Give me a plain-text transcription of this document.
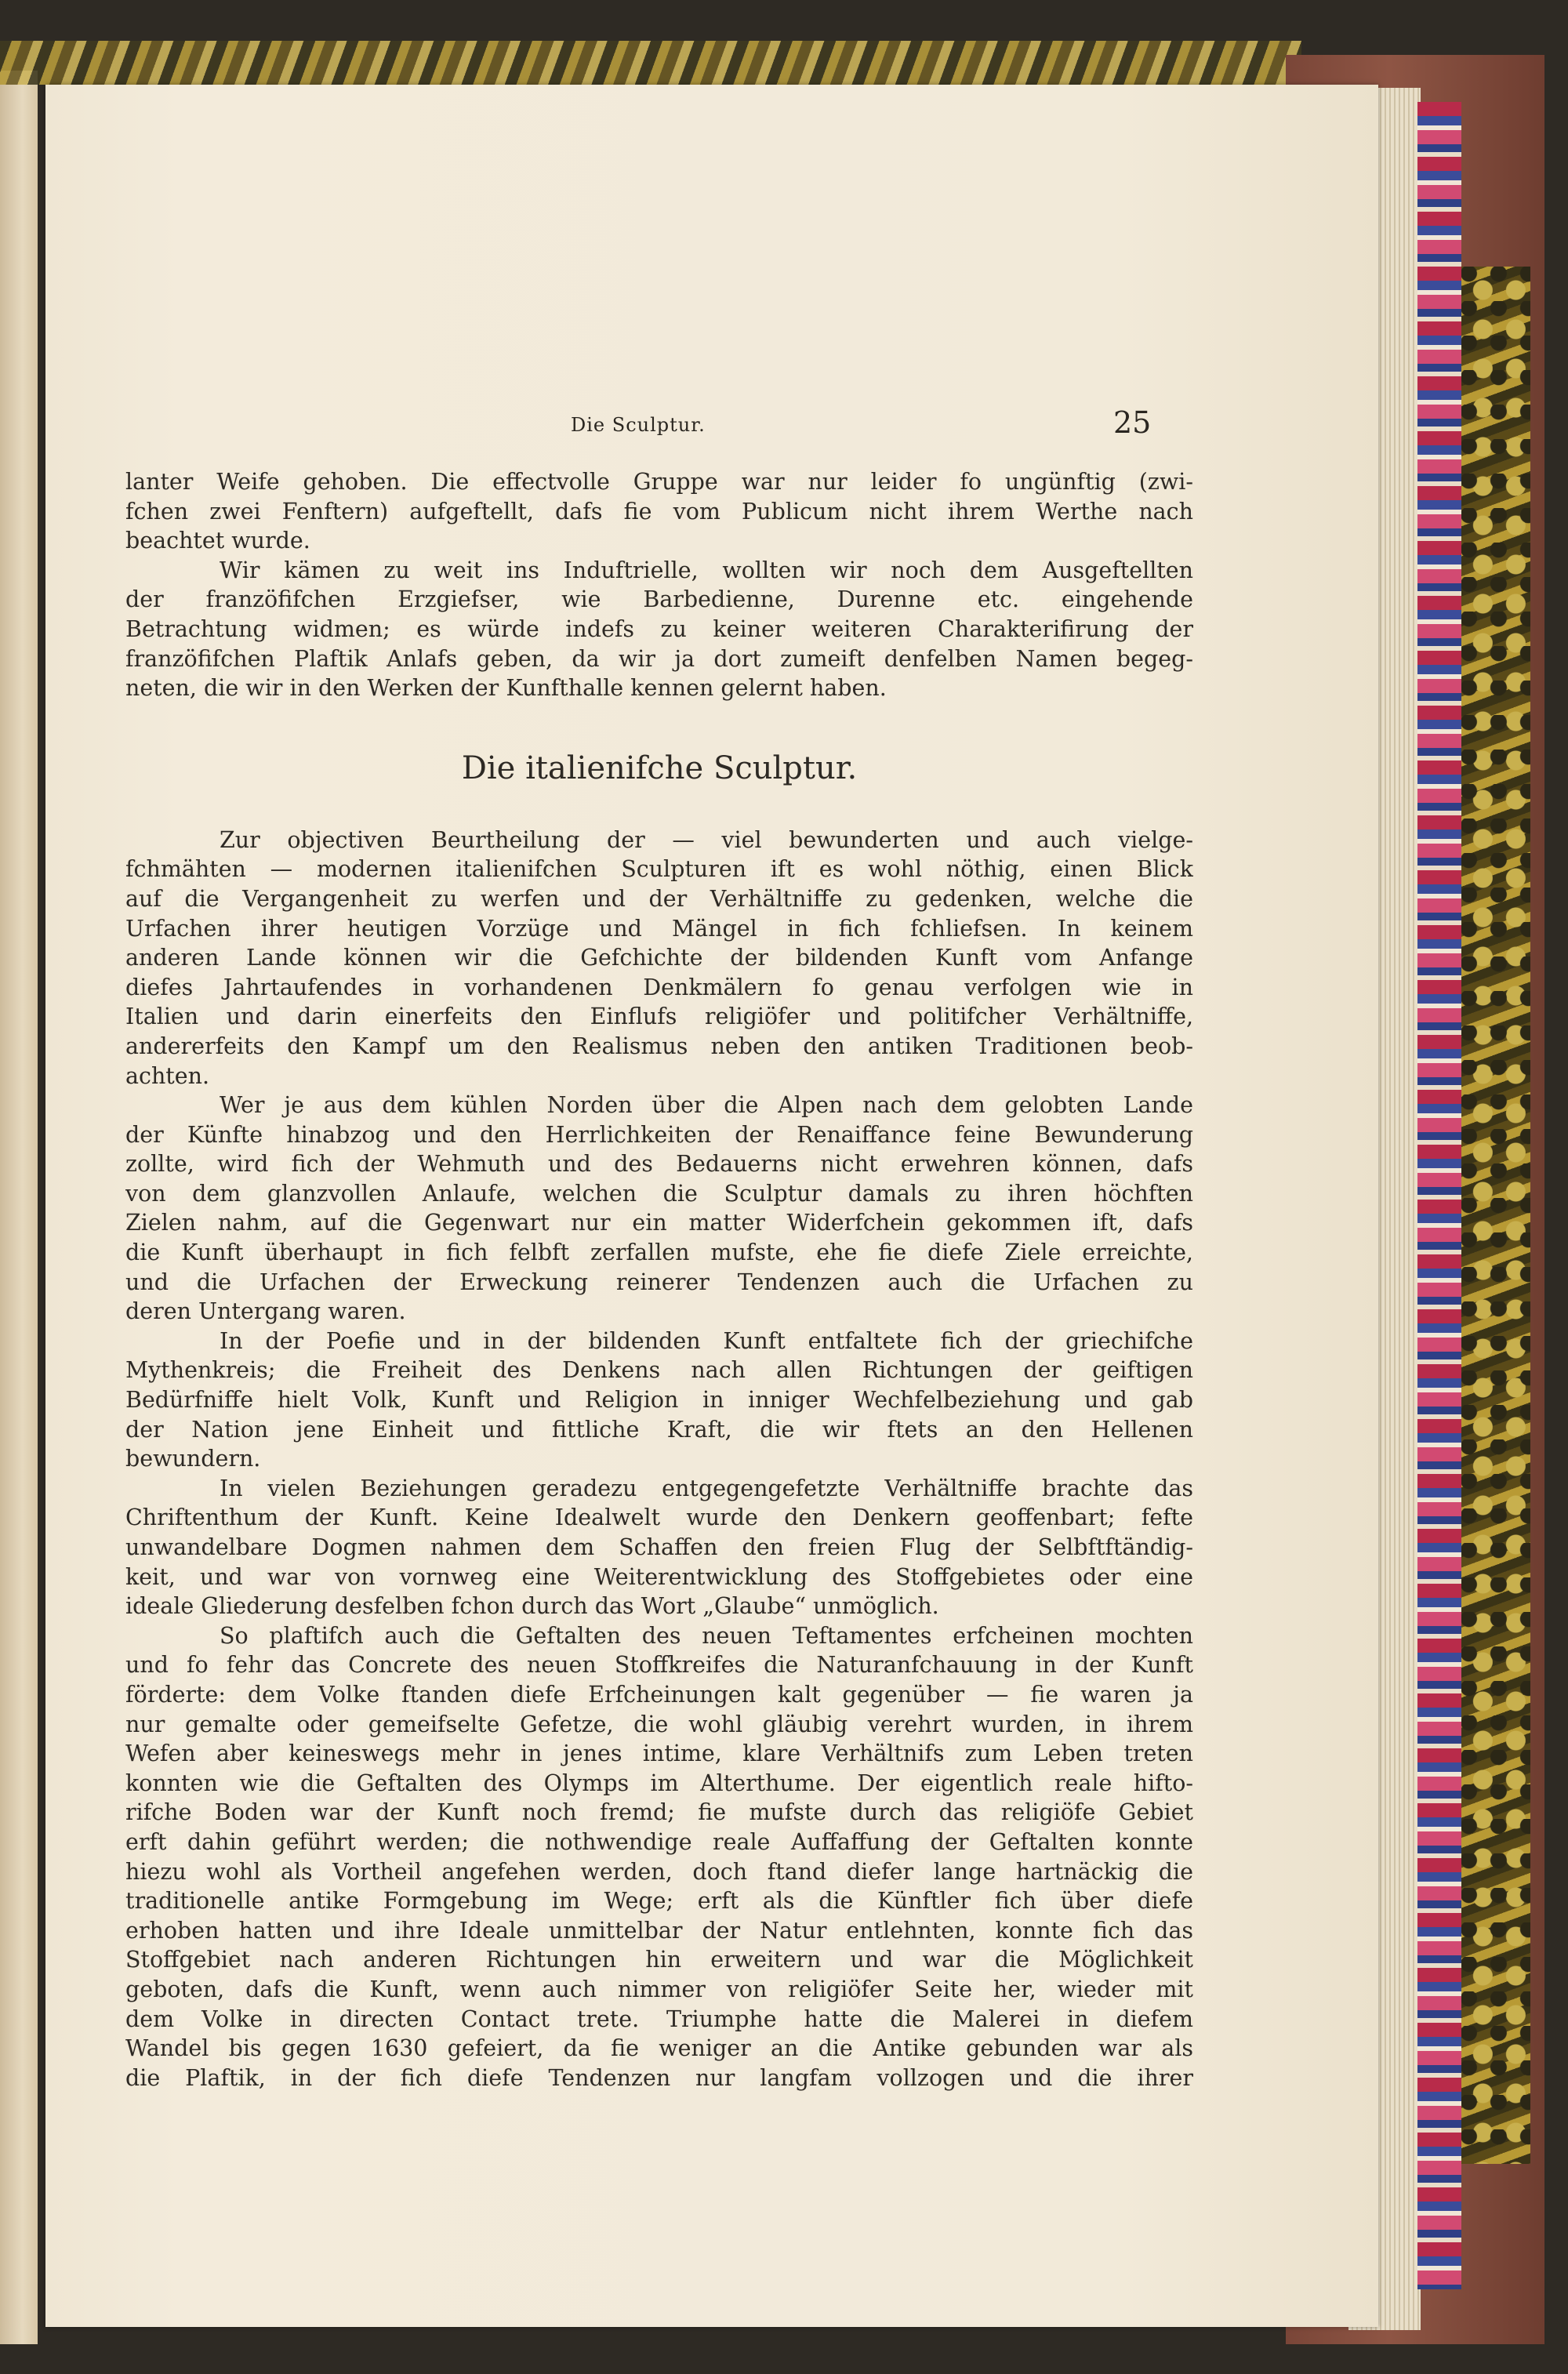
Die Sculptur.	25
lanter Weife gehoben. Die effectvolle Gruppe war nur leider fo ungünftig (zwi-
fchen zwei Fenftern) aufgeftellt, dafs fie vom Publicum nicht ihrem Werthe nach
beachtet wurde.
Wir kämen zu weit ins Induftrielle, wollten wir noch dem Ausgeftellten
der franzöfifchen Erzgiefser, wie Barbedienne, Durenne etc. eingehende
Betrachtung widmen; es würde indefs zu keiner weiteren Charakterifirung der
franzöfifchen Plaftik Anlafs geben, da wir ja dort zumeift denfelben Namen begeg-
neten, die wir in den Werken der Kunfthalle kennen gelernt haben.
Die italienifche Sculptur.
Zur objectiven Beurtheilung der — viel bewunderten und auch vielge-
fchmähten — modernen italienifchen Sculpturen ift es wohl nöthig, einen Blick
auf die Vergangenheit zu werfen und der Verhältniffe zu gedenken, welche die
Urfachen ihrer heutigen Vorzüge und Mängel in fich fchliefsen. In keinem
anderen Lande können wir die Gefchichte der bildenden Kunft vom Anfange
diefes Jahrtaufendes in vorhandenen Denkmälern fo genau verfolgen wie in
Italien und darin einerfeits den Einflufs religiöfer und politifcher Verhältniffe,
andererfeits den Kampf um den Realismus neben den antiken Traditionen beob-
achten.
Wer je aus dem kühlen Norden über die Alpen nach dem gelobten Lande
der Künfte hinabzog und den Herrlichkeiten der Renaiffance feine Bewunderung
zollte, wird fich der Wehmuth und des Bedauerns nicht erwehren können, dafs
von dem glanzvollen Anlaufe, welchen die Sculptur damals zu ihren höchften
Zielen nahm, auf die Gegenwart nur ein matter Widerfchein gekommen ift, dafs
die Kunft überhaupt in fich felbft zerfallen mufste, ehe fie diefe Ziele erreichte,
und die Urfachen der Erweckung reinerer Tendenzen auch die Urfachen zu
deren Untergang waren.
In der Poefie und in der bildenden Kunft entfaltete fich der griechifche
Mythenkreis; die Freiheit des Denkens nach allen Richtungen der geiftigen
Bedürfniffe hielt Volk, Kunft und Religion in inniger Wechfelbeziehung und gab
der Nation jene Einheit und fittliche Kraft, die wir ftets an den Hellenen
bewundern.
In vielen Beziehungen geradezu entgegengefetzte Verhältniffe brachte das
Chriftenthum der Kunft. Keine Idealwelt wurde den Denkern geoffenbart; fefte
unwandelbare Dogmen nahmen dem Schaffen den freien Flug der Selbftftändig-
keit, und war von vornweg eine Weiterentwicklung des Stoffgebietes oder eine
ideale Gliederung desfelben fchon durch das Wort „Glaube“ unmöglich.
So plaftifch auch die Geftalten des neuen Teftamentes erfcheinen mochten
und fo fehr das Concrete des neuen Stoffkreifes die Naturanfchauung in der Kunft
förderte: dem Volke ftanden diefe Erfcheinungen kalt gegenüber — fie waren ja
nur gemalte oder gemeifselte Gefetze, die wohl gläubig verehrt wurden, in ihrem
Wefen aber keineswegs mehr in jenes intime, klare Verhältnifs zum Leben treten
konnten wie die Geftalten des Olymps im Alterthume. Der eigentlich reale hifto-
rifche Boden war der Kunft noch fremd; fie mufste durch das religiöfe Gebiet
erft dahin geführt werden; die nothwendige reale Auffaffung der Geftalten konnte
hiezu wohl als Vortheil angefehen werden, doch ftand diefer lange hartnäckig die
traditionelle antike Formgebung im Wege; erft als die Künftler fich über diefe
erhoben hatten und ihre Ideale unmittelbar der Natur entlehnten, konnte fich das
Stoffgebiet nach anderen Richtungen hin erweitern und war die Möglichkeit
geboten, dafs die Kunft, wenn auch nimmer von religiöfer Seite her, wieder mit
dem Volke in directen Contact trete. Triumphe hatte die Malerei in diefem
Wandel bis gegen 1630 gefeiert, da fie weniger an die Antike gebunden war als
die Plaftik, in der fich diefe Tendenzen nur langfam vollzogen und die ihrer
